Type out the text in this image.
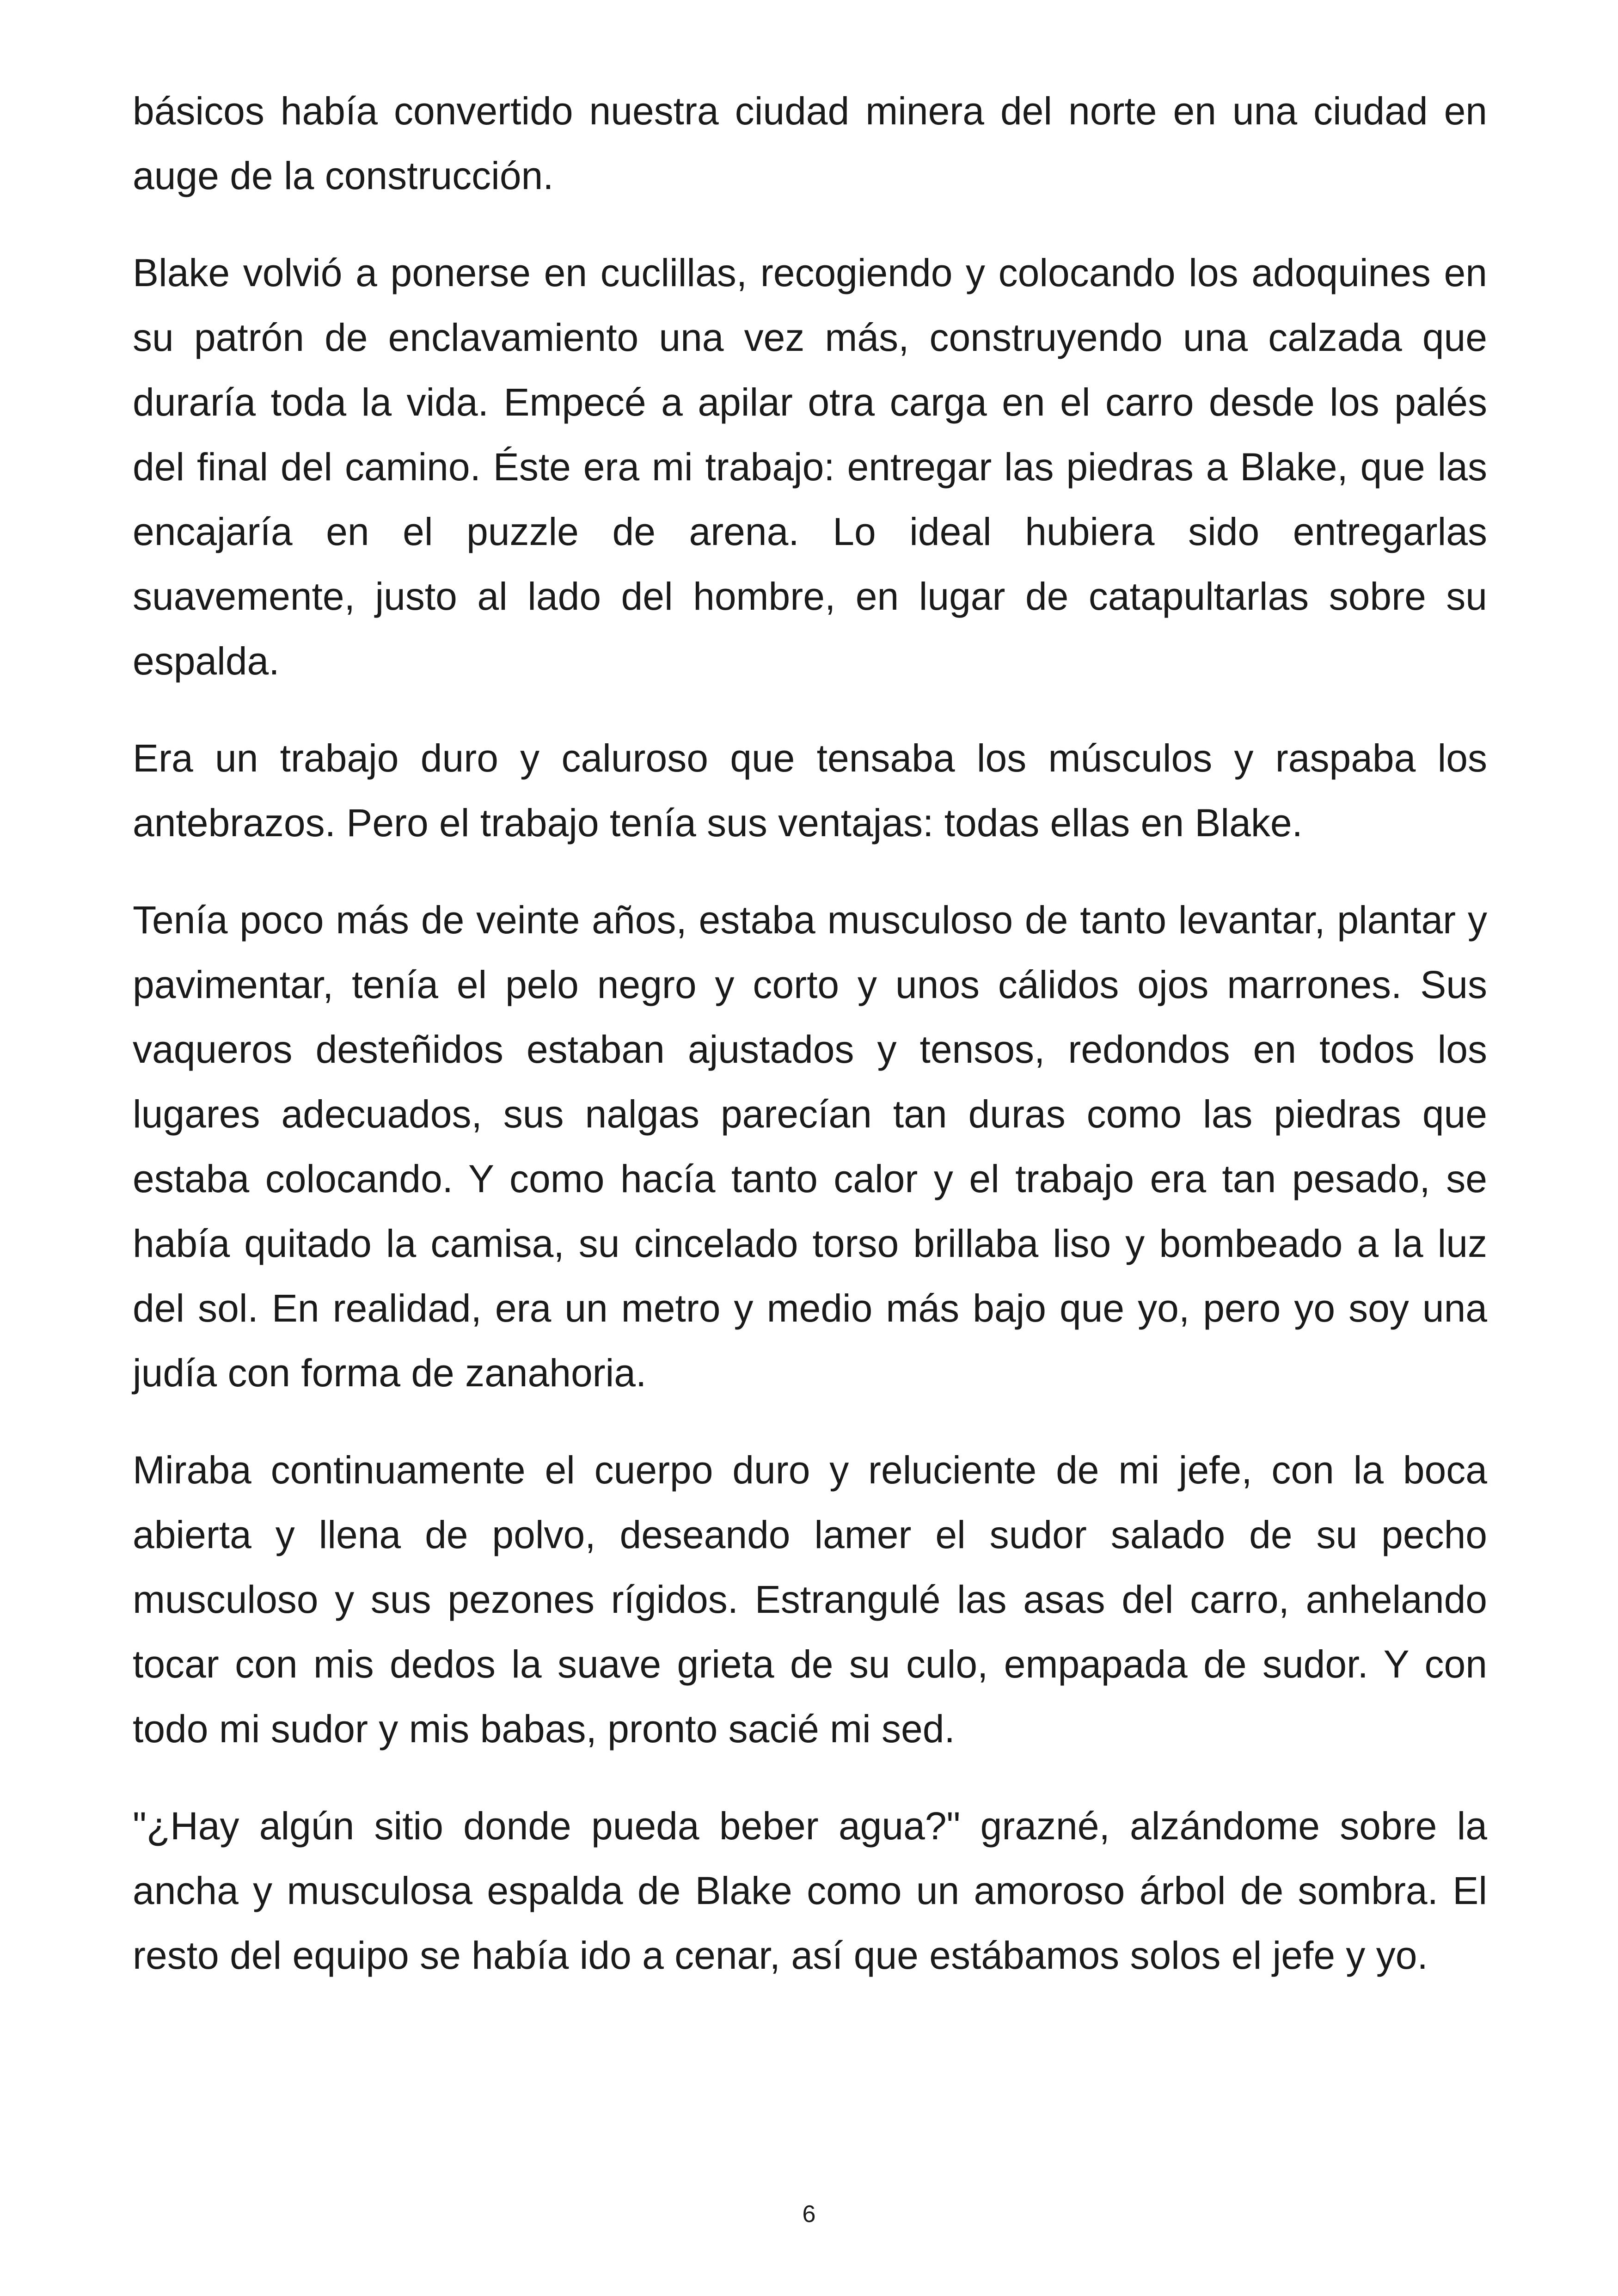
básicos había convertido nuestra ciudad minera del norte en una ciudad en auge de la construcción.

Blake volvió a ponerse en cuclillas, recogiendo y colocando los adoquines en su patrón de enclavamiento una vez más, construyendo una calzada que duraría toda la vida. Empecé a apilar otra carga en el carro desde los palés del final del camino. Éste era mi trabajo: entregar las piedras a Blake, que las encajaría en el puzzle de arena. Lo ideal hubiera sido entregarlas suavemente, justo al lado del hombre, en lugar de catapultarlas sobre su espalda.

Era un trabajo duro y caluroso que tensaba los músculos y raspaba los antebrazos. Pero el trabajo tenía sus ventajas: todas ellas en Blake.

Tenía poco más de veinte años, estaba musculoso de tanto levantar, plantar y pavimentar, tenía el pelo negro y corto y unos cálidos ojos marrones. Sus vaqueros desteñidos estaban ajustados y tensos, redondos en todos los lugares adecuados, sus nalgas parecían tan duras como las piedras que estaba colocando. Y como hacía tanto calor y el trabajo era tan pesado, se había quitado la camisa, su cincelado torso brillaba liso y bombeado a la luz del sol. En realidad, era un metro y medio más bajo que yo, pero yo soy una judía con forma de zanahoria.

Miraba continuamente el cuerpo duro y reluciente de mi jefe, con la boca abierta y llena de polvo, deseando lamer el sudor salado de su pecho musculoso y sus pezones rígidos. Estrangulé las asas del carro, anhelando tocar con mis dedos la suave grieta de su culo, empapada de sudor. Y con todo mi sudor y mis babas, pronto sacié mi sed.

"¿Hay algún sitio donde pueda beber agua?" grazné, alzándome sobre la ancha y musculosa espalda de Blake como un amoroso árbol de sombra. El resto del equipo se había ido a cenar, así que estábamos solos el jefe y yo.

6
